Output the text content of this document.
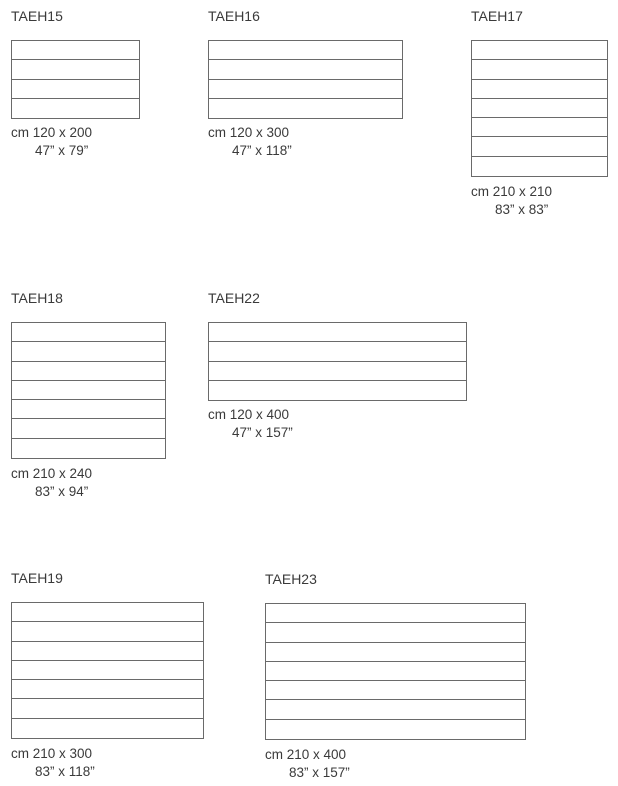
TAEH15
cm 120 x 200
47” x 79”
TAEH16
cm 120 x 300
47” x 118”
TAEH17
cm 210 x 210
83” x 83”
TAEH18
cm 210 x 240
83” x 94”
TAEH22
cm 120 x 400
47” x 157”
TAEH19
cm 210 x 300
83” x 118”
TAEH23
cm 210 x 400
83” x 157”
